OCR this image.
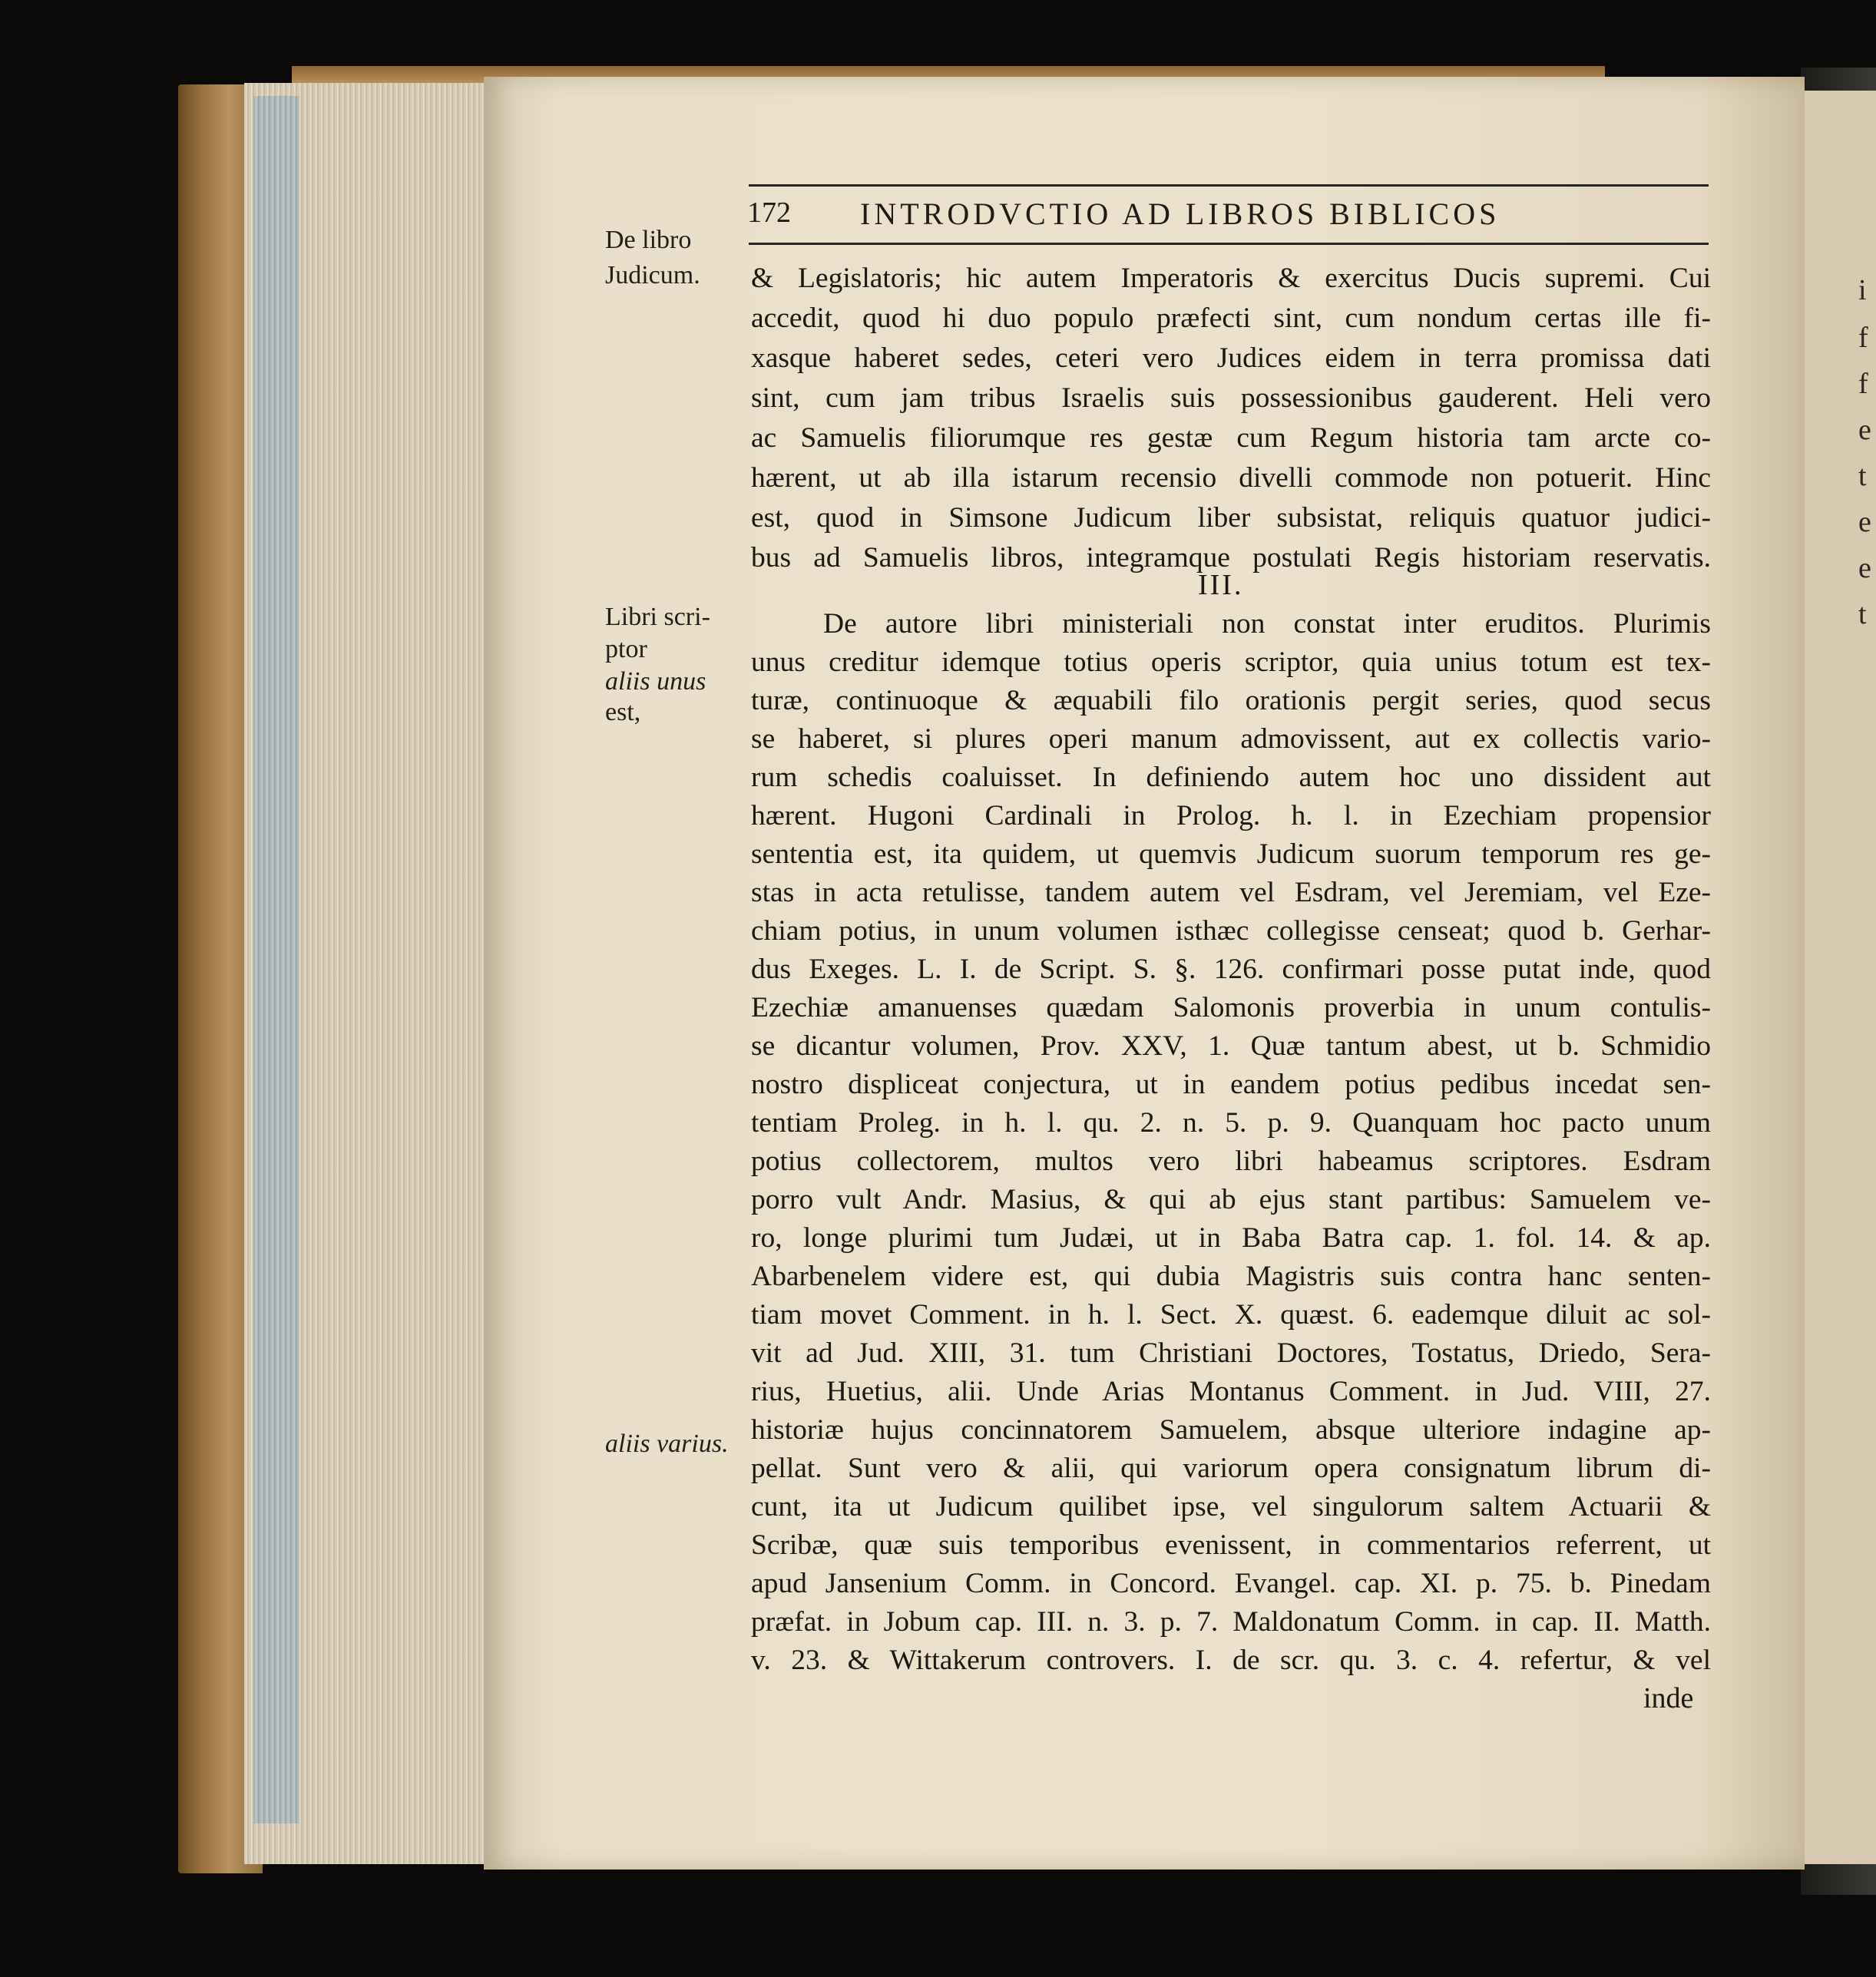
i
f
f
e
t
e
e
t
172 INTRODVCTIO AD LIBROS BIBLICOS
De libro
Judicum.
Libri scri-
ptor
aliis unus
est,
aliis varius.
& Legislatoris; hic autem Imperatoris & exercitus Ducis supremi. Cui
accedit, quod hi duo populo præfecti sint, cum nondum certas ille fi-
xasque haberet sedes, ceteri vero Judices eidem in terra promissa dati
sint, cum jam tribus Israelis suis possessionibus gauderent. Heli vero
ac Samuelis filiorumque res gestæ cum Regum historia tam arcte co-
hærent, ut ab illa istarum recensio divelli commode non potuerit. Hinc
est, quod in Simsone Judicum liber subsistat, reliquis quatuor judici-
bus ad Samuelis libros, integramque postulati Regis historiam reservatis.
III.
De autore libri ministeriali non constat inter eruditos. Plurimis
unus creditur idemque totius operis scriptor, quia unius totum est tex-
turæ, continuoque & æquabili filo orationis pergit series, quod secus
se haberet, si plures operi manum admovissent, aut ex collectis vario-
rum schedis coaluisset. In definiendo autem hoc uno dissident aut
hærent. Hugoni Cardinali in Prolog. h. l. in Ezechiam propensior
sententia est, ita quidem, ut quemvis Judicum suorum temporum res ge-
stas in acta retulisse, tandem autem vel Esdram, vel Jeremiam, vel Eze-
chiam potius, in unum volumen isthæc collegisse censeat; quod b. Gerhar-
dus Exeges. L. I. de Script. S. §. 126. confirmari posse putat inde, quod
Ezechiæ amanuenses quædam Salomonis proverbia in unum contulis-
se dicantur volumen, Prov. XXV, 1. Quæ tantum abest, ut b. Schmidio
nostro displiceat conjectura, ut in eandem potius pedibus incedat sen-
tentiam Proleg. in h. l. qu. 2. n. 5. p. 9. Quanquam hoc pacto unum
potius collectorem, multos vero libri habeamus scriptores. Esdram
porro vult Andr. Masius, & qui ab ejus stant partibus: Samuelem ve-
ro, longe plurimi tum Judæi, ut in Baba Batra cap. 1. fol. 14. & ap.
Abarbenelem videre est, qui dubia Magistris suis contra hanc senten-
tiam movet Comment. in h. l. Sect. X. quæst. 6. eademque diluit ac sol-
vit ad Jud. XIII, 31. tum Christiani Doctores, Tostatus, Driedo, Sera-
rius, Huetius, alii. Unde Arias Montanus Comment. in Jud. VIII, 27.
historiæ hujus concinnatorem Samuelem, absque ulteriore indagine ap-
pellat. Sunt vero & alii, qui variorum opera consignatum librum di-
cunt, ita ut Judicum quilibet ipse, vel singulorum saltem Actuarii &
Scribæ, quæ suis temporibus evenissent, in commentarios referrent, ut
apud Jansenium Comm. in Concord. Evangel. cap. XI. p. 75. b. Pinedam
præfat. in Jobum cap. III. n. 3. p. 7. Maldonatum Comm. in cap. II. Matth.
v. 23. & Wittakerum controvers. I. de scr. qu. 3. c. 4. refertur, & vel
inde
